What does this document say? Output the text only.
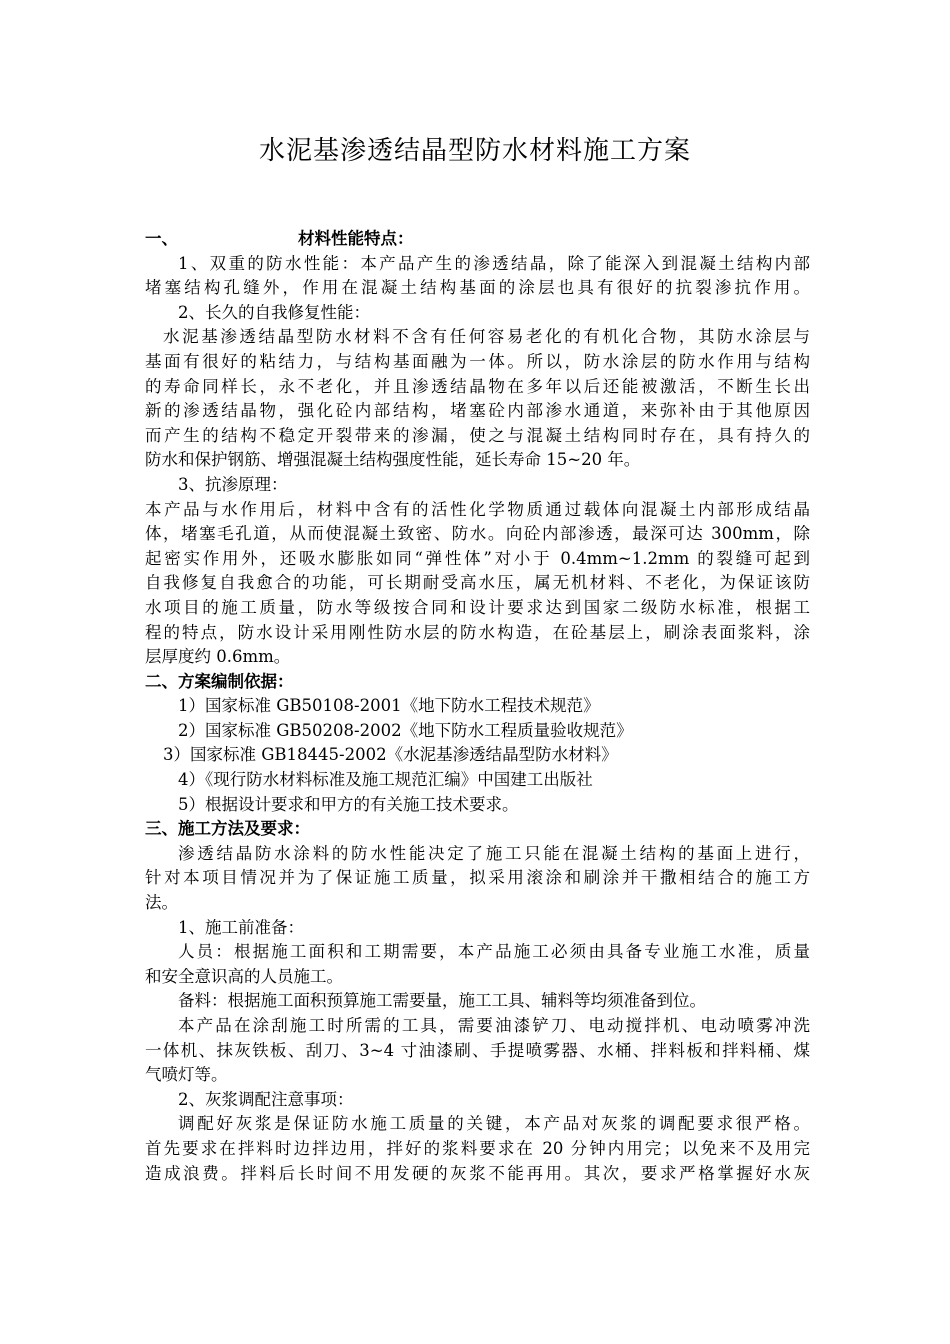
水泥基渗透结晶型防水材料施工方案
一、	材料性能特点：
1、双重的防水性能：本产品产生的渗透结晶，除了能深入到混凝土结构内部
堵塞结构孔缝外，作用在混凝土结构基面的涂层也具有很好的抗裂渗抗作用。
2、长久的自我修复性能：
水泥基渗透结晶型防水材料不含有任何容易老化的有机化合物，其防水涂层与
基面有很好的粘结力，与结构基面融为一体。所以，防水涂层的防水作用与结构
的寿命同样长，永不老化，并且渗透结晶物在多年以后还能被激活，不断生长出
新的渗透结晶物，强化砼内部结构，堵塞砼内部渗水通道，来弥补由于其他原因
而产生的结构不稳定开裂带来的渗漏，使之与混凝土结构同时存在，具有持久的
防水和保护钢筋、增强混凝土结构强度性能，延长寿命 15~20 年。
3、抗渗原理：
本产品与水作用后，材料中含有的活性化学物质通过载体向混凝土内部形成结晶
体，堵塞毛孔道，从而使混凝土致密、防水。向砼内部渗透，最深可达 300mm，除
起密实作用外，还吸水膨胀如同“弹性体”对小于 0.4mm~1.2mm 的裂缝可起到
自我修复自我愈合的功能，可长期耐受高水压，属无机材料、不老化，为保证该防
水项目的施工质量，防水等级按合同和设计要求达到国家二级防水标准，根据工
程的特点，防水设计采用刚性防水层的防水构造，在砼基层上，刷涂表面浆料，涂
层厚度约 0.6mm。
二、方案编制依据：
1）国家标准 GB50108-2001《地下防水工程技术规范》
2）国家标准 GB50208-2002《地下防水工程质量验收规范》
3）国家标准 GB18445-2002《水泥基渗透结晶型防水材料》
4）《现行防水材料标准及施工规范汇编》中国建工出版社
5）根据设计要求和甲方的有关施工技术要求。
三、施工方法及要求：
渗透结晶防水涂料的防水性能决定了施工只能在混凝土结构的基面上进行，
针对本项目情况并为了保证施工质量，拟采用滚涂和刷涂并干撒相结合的施工方
法。
1、施工前准备：
人员：根据施工面积和工期需要，本产品施工必须由具备专业施工水准，质量
和安全意识高的人员施工。
备料：根据施工面积预算施工需要量，施工工具、辅料等均须准备到位。
本产品在涂刮施工时所需的工具，需要油漆铲刀、电动搅拌机、电动喷雾冲洗
一体机、抹灰铁板、刮刀、3~4 寸油漆刷、手提喷雾器、水桶、拌料板和拌料桶、煤
气喷灯等。
2、灰浆调配注意事项：
调配好灰浆是保证防水施工质量的关键，本产品对灰浆的调配要求很严格。
首先要求在拌料时边拌边用，拌好的浆料要求在 20 分钟内用完；以免来不及用完
造成浪费。拌料后长时间不用发硬的灰浆不能再用。其次，要求严格掌握好水灰
